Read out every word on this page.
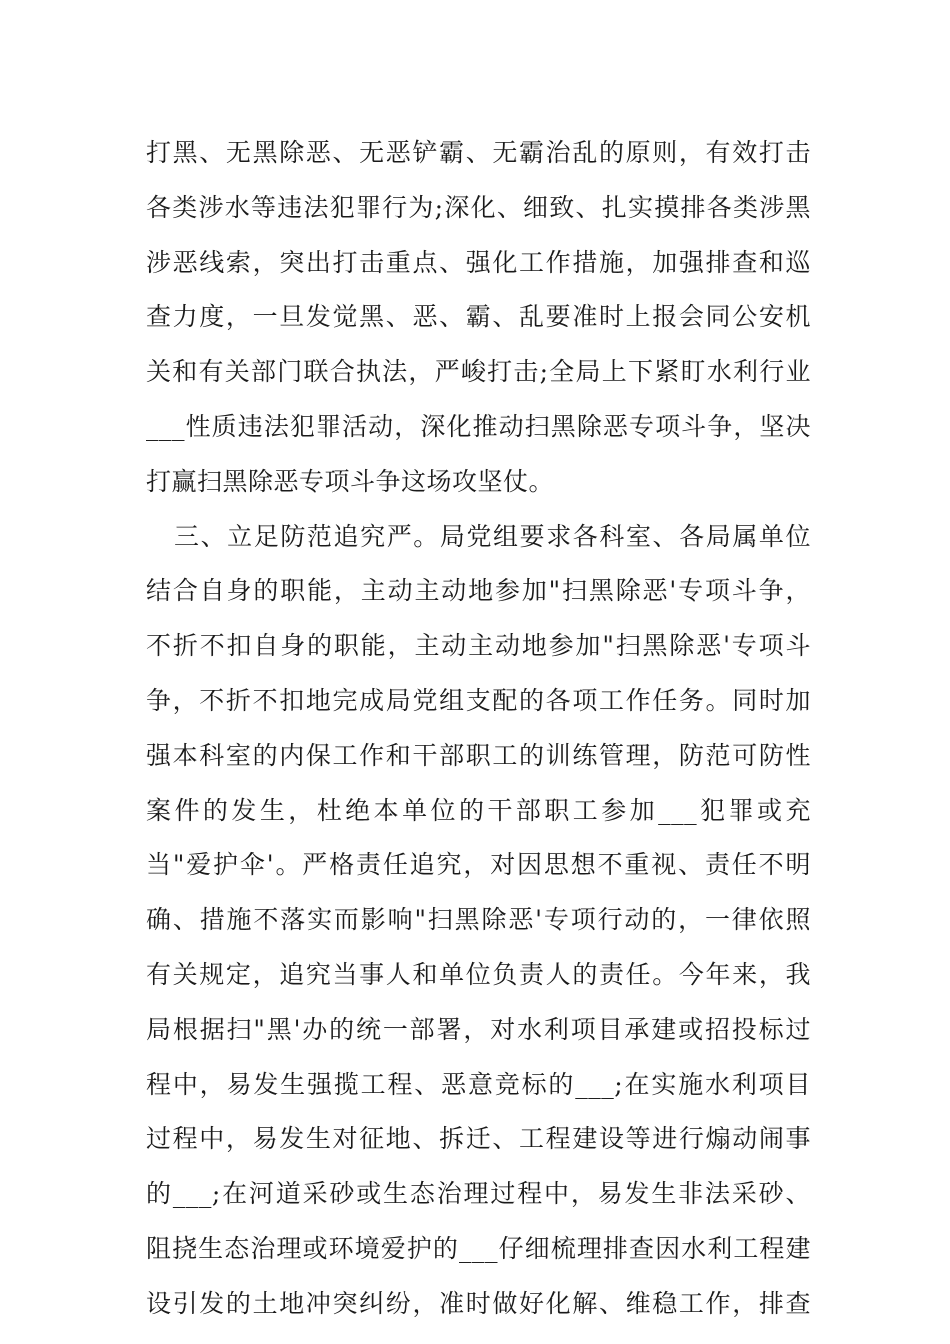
打黑、无黑除恶、无恶铲霸、无霸治乱的原则，有效打击
各类涉水等违法犯罪行为;深化、细致、扎实摸排各类涉黑
涉恶线索，突出打击重点、强化工作措施，加强排查和巡
查力度，一旦发觉黑、恶、霸、乱要准时上报会同公安机
关和有关部门联合执法，严峻打击;全局上下紧盯水利行业
___性质违法犯罪活动，深化推动扫黑除恶专项斗争，坚决
打赢扫黑除恶专项斗争这场攻坚仗。
三、立足防范追究严。局党组要求各科室、各局属单位
结合自身的职能，主动主动地参加"扫黑除恶'专项斗争，
不折不扣自身的职能，主动主动地参加"扫黑除恶'专项斗
争，不折不扣地完成局党组支配的各项工作任务。同时加
强本科室的内保工作和干部职工的训练管理，防范可防性
案件的发生，杜绝本单位的干部职工参加___犯罪或充
当"爱护伞'。严格责任追究，对因思想不重视、责任不明
确、措施不落实而影响"扫黑除恶'专项行动的，一律依照
有关规定，追究当事人和单位负责人的责任。今年来，我
局根据扫"黑'办的统一部署，对水利项目承建或招投标过
程中，易发生强揽工程、恶意竞标的___;在实施水利项目
过程中，易发生对征地、拆迁、工程建设等进行煽动闹事
的___;在河道采砂或生态治理过程中，易发生非法采砂、
阻挠生态治理或环境爱护的___仔细梳理排查因水利工程建
设引发的土地冲突纠纷，准时做好化解、维稳工作，排查
